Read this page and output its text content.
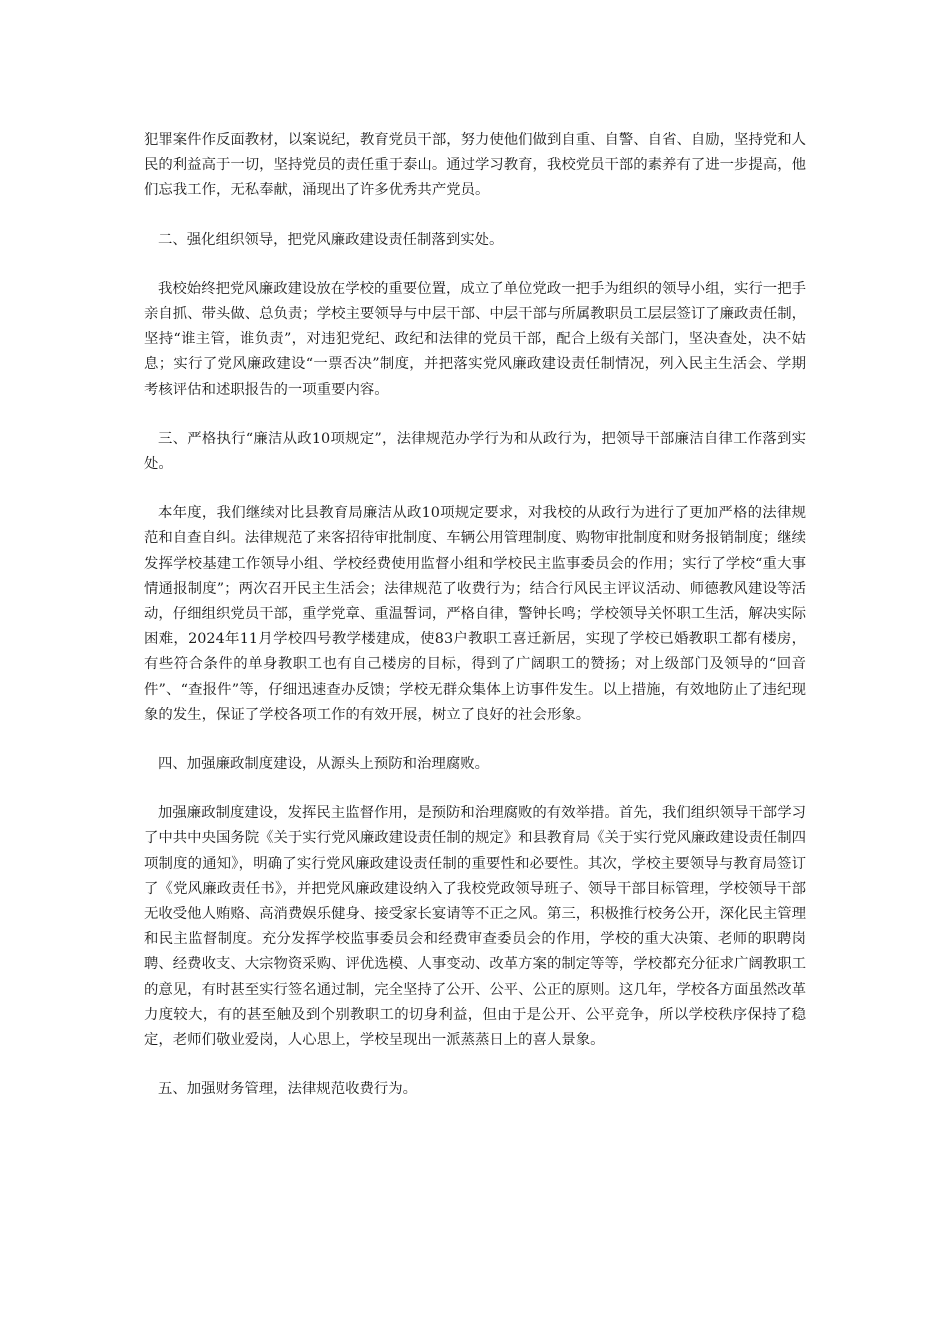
犯罪案件作反面教材，以案说纪，教育党员干部，努力使他们做到自重、自警、自省、自励，坚持党和人民的利益高于一切，坚持党员的责任重于泰山。通过学习教育，我校党员干部的素养有了进一步提高，他们忘我工作，无私奉献，涌现出了许多优秀共产党员。

二、强化组织领导，把党风廉政建设责任制落到实处。

我校始终把党风廉政建设放在学校的重要位置，成立了单位党政一把手为组织的领导小组，实行一把手亲自抓、带头做、总负责；学校主要领导与中层干部、中层干部与所属教职员工层层签订了廉政责任制，坚持“谁主管，谁负责”，对违犯党纪、政纪和法律的党员干部，配合上级有关部门，坚决查处，决不姑息；实行了党风廉政建设“一票否决”制度，并把落实党风廉政建设责任制情况，列入民主生活会、学期考核评估和述职报告的一项重要内容。

三、严格执行“廉洁从政10项规定”，法律规范办学行为和从政行为，把领导干部廉洁自律工作落到实处。

本年度，我们继续对比县教育局廉洁从政10项规定要求，对我校的从政行为进行了更加严格的法律规范和自查自纠。法律规范了来客招待审批制度、车辆公用管理制度、购物审批制度和财务报销制度；继续发挥学校基建工作领导小组、学校经费使用监督小组和学校民主监事委员会的作用；实行了学校“重大事情通报制度”；两次召开民主生活会；法律规范了收费行为；结合行风民主评议活动、师德教风建设等活动，仔细组织党员干部，重学党章、重温誓词，严格自律，警钟长鸣；学校领导关怀职工生活，解决实际困难，2024年11月学校四号教学楼建成，使83户教职工喜迁新居，实现了学校已婚教职工都有楼房，有些符合条件的单身教职工也有自己楼房的目标，得到了广阔职工的赞扬；对上级部门及领导的“回音件”、“查报件”等，仔细迅速查办反馈；学校无群众集体上访事件发生。以上措施，有效地防止了违纪现象的发生，保证了学校各项工作的有效开展，树立了良好的社会形象。

四、加强廉政制度建设，从源头上预防和治理腐败。

加强廉政制度建设，发挥民主监督作用，是预防和治理腐败的有效举措。首先，我们组织领导干部学习了中共中央国务院《关于实行党风廉政建设责任制的规定》和县教育局《关于实行党风廉政建设责任制四项制度的通知》，明确了实行党风廉政建设责任制的重要性和必要性。其次，学校主要领导与教育局签订了《党风廉政责任书》，并把党风廉政建设纳入了我校党政领导班子、领导干部目标管理，学校领导干部无收受他人贿赂、高消费娱乐健身、接受家长宴请等不正之风。第三，积极推行校务公开，深化民主管理和民主监督制度。充分发挥学校监事委员会和经费审查委员会的作用，学校的重大决策、老师的职聘岗聘、经费收支、大宗物资采购、评优选模、人事变动、改革方案的制定等等，学校都充分征求广阔教职工的意见，有时甚至实行签名通过制，完全坚持了公开、公平、公正的原则。这几年，学校各方面虽然改革力度较大，有的甚至触及到个别教职工的切身利益，但由于是公开、公平竞争，所以学校秩序保持了稳定，老师们敬业爱岗，人心思上，学校呈现出一派蒸蒸日上的喜人景象。

五、加强财务管理，法律规范收费行为。
